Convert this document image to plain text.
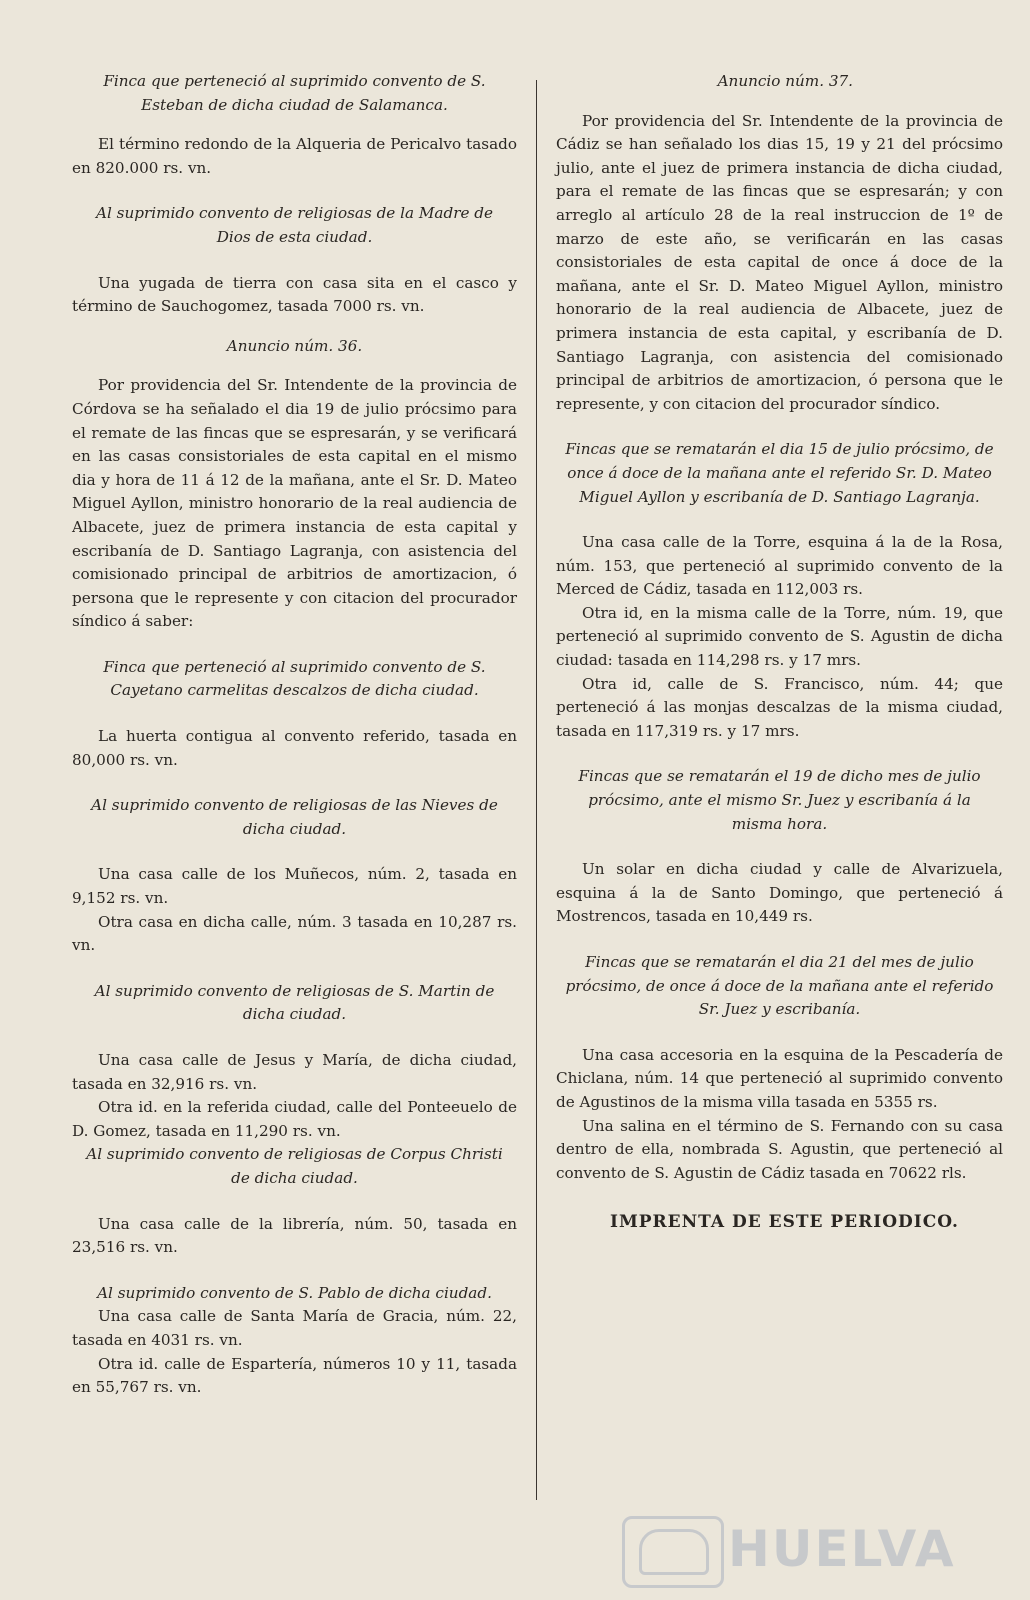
Finca que perteneció al suprimido convento de S. Esteban de dicha ciudad de Salamanca.

El término redondo de la Alqueria de Pericalvo tasado en 820.000 rs. vn.

Al suprimido convento de religiosas de la Madre de Dios de esta ciudad.

Una yugada de tierra con casa sita en el casco y término de Sauchogomez, tasada 7000 rs. vn.

Anuncio núm. 36.

Por providencia del Sr. Intendente de la provincia de Córdova se ha señalado el dia 19 de julio prócsimo para el remate de las fincas que se espresarán, y se verificará en las casas consistoriales de esta capital en el mismo dia y hora de 11 á 12 de la mañana, ante el Sr. D. Mateo Miguel Ayllon, ministro honorario de la real audiencia de Albacete, juez de primera instancia de esta capital y escribanía de D. Santiago Lagranja, con asistencia del comisionado principal de arbitrios de amortizacion, ó persona que le represente y con citacion del procurador síndico á saber:

Finca que perteneció al suprimido convento de S. Cayetano carmelitas descalzos de dicha ciudad.

La huerta contigua al convento referido, tasada en 80,000 rs. vn.

Al suprimido convento de religiosas de las Nieves de dicha ciudad.

Una casa calle de los Muñecos, núm. 2, tasada en 9,152 rs. vn.

Otra casa en dicha calle, núm. 3 tasada en 10,287 rs. vn.

Al suprimido convento de religiosas de S. Martin de dicha ciudad.

Una casa calle de Jesus y María, de dicha ciudad, tasada en 32,916 rs. vn.

Otra id. en la referida ciudad, calle del Ponteeuelo de D. Gomez, tasada en 11,290 rs. vn.

Al suprimido convento de religiosas de Corpus Christi de dicha ciudad.

Una casa calle de la librería, núm. 50, tasada en 23,516 rs. vn.

Al suprimido convento de S. Pablo de dicha ciudad.

Una casa calle de Santa María de Gracia, núm. 22, tasada en 4031 rs. vn.

Otra id. calle de Espartería, números 10 y 11, tasada en 55,767 rs. vn.

Anuncio núm. 37.

Por providencia del Sr. Intendente de la provincia de Cádiz se han señalado los dias 15, 19 y 21 del prócsimo julio, ante el juez de primera instancia de dicha ciudad, para el remate de las fincas que se espresarán; y con arreglo al artículo 28 de la real instruccion de 1º de marzo de este año, se verificarán en las casas consistoriales de esta capital de once á doce de la mañana, ante el Sr. D. Mateo Miguel Ayllon, ministro honorario de la real audiencia de Albacete, juez de primera instancia de esta capital, y escribanía de D. Santiago Lagranja, con asistencia del comisionado principal de arbitrios de amortizacion, ó persona que le represente, y con citacion del procurador síndico.

Fincas que se rematarán el dia 15 de julio prócsimo, de once á doce de la mañana ante el referido Sr. D. Mateo Miguel Ayllon y escribanía de D. Santiago Lagranja.

Una casa calle de la Torre, esquina á la de la Rosa, núm. 153, que perteneció al suprimido convento de la Merced de Cádiz, tasada en 112,003 rs.

Otra id, en la misma calle de la Torre, núm. 19, que perteneció al suprimido convento de S. Agustin de dicha ciudad: tasada en 114,298 rs. y 17 mrs.

Otra id, calle de S. Francisco, núm. 44; que perteneció á las monjas descalzas de la misma ciudad, tasada en 117,319 rs. y 17 mrs.

Fincas que se rematarán el 19 de dicho mes de julio prócsimo, ante el mismo Sr. Juez y escribanía á la misma hora.

Un solar en dicha ciudad y calle de Alvarizuela, esquina á la de Santo Domingo, que perteneció á Mostrencos, tasada en 10,449 rs.

Fincas que se rematarán el dia 21 del mes de julio prócsimo, de once á doce de la mañana ante el referido Sr. Juez y escribanía.

Una casa accesoria en la esquina de la Pescadería de Chiclana, núm. 14 que perteneció al suprimido convento de Agustinos de la misma villa tasada en 5355 rs.

Una salina en el término de S. Fernando con su casa dentro de ella, nombrada S. Agustin, que perteneció al convento de S. Agustin de Cádiz tasada en 70622 rls.

IMPRENTA DE ESTE PERIODICO.

HUELVA
